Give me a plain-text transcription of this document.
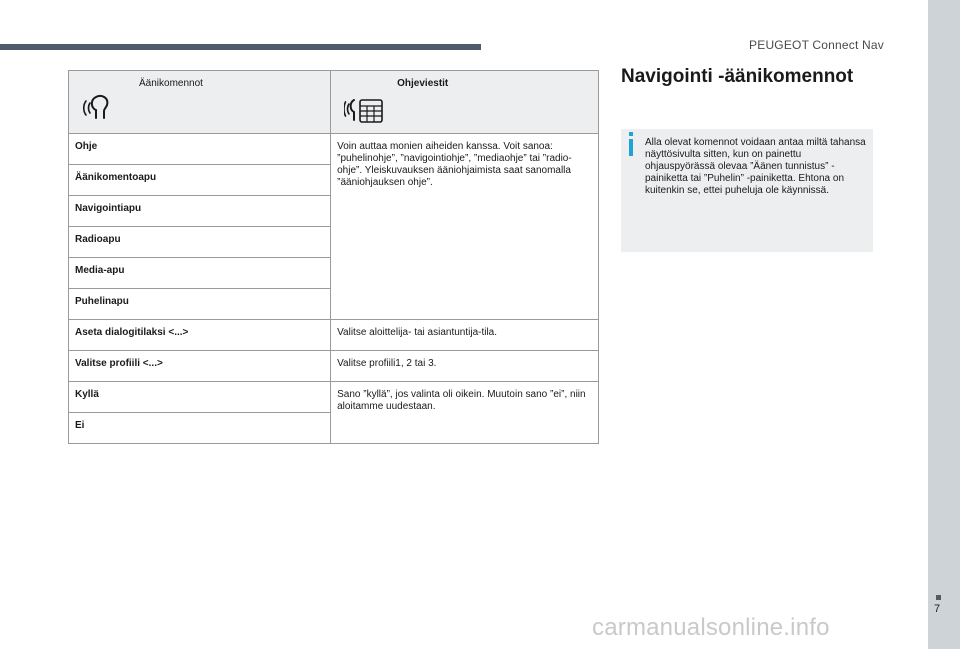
PEUGEOT Connect Nav
7
Äänikomennot	Ohjeviestit

Ohje	Voin auttaa monien aiheiden kanssa. Voit sanoa: ”puhelinohje”, ”navigointiohje”, ”mediaohje” tai ”radio-ohje”. Yleiskuvauksen ääniohjaimista saat sanomalla ”ääniohjauksen ohje”.
Äänikomentoapu	
Navigointiapu	
Radioapu	
Media-apu	
Puhelinapu	
Aseta dialogitilaksi <...>	Valitse aloittelija- tai asiantuntija-tila.
Valitse profiili <...>	Valitse profiili1, 2 tai 3.
Kyllä	Sano ”kyllä”, jos valinta oli oikein. Muutoin sano ”ei”, niin aloitamme uudestaan.
Ei	
Navigointi -äänikomennot
Alla olevat komennot voidaan antaa miltä tahansa näyttösivulta sitten, kun on painettu ohjauspyörässä olevaa ”Äänen tunnistus” -painiketta tai ”Puhelin” -painiketta. Ehtona on kuitenkin se, ettei puheluja ole käynnissä.
carmanualsonline.info
